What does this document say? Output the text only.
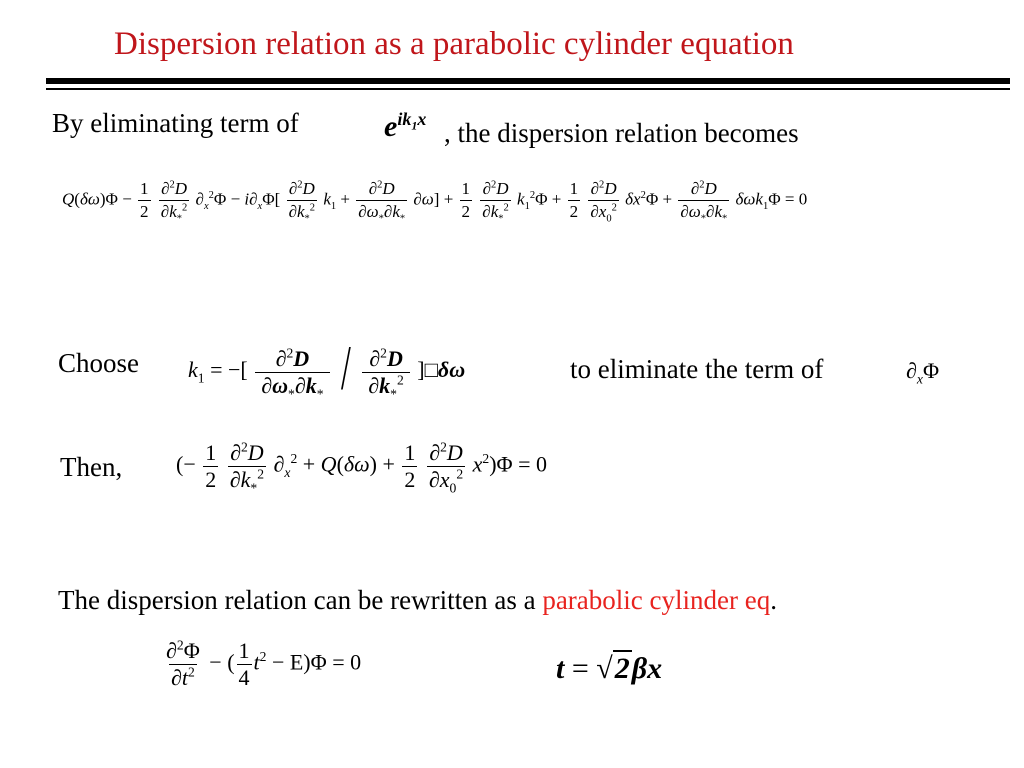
Dispersion relation as a parabolic cylinder equation
By eliminating term of	$e^{ik_1x}$ , the dispersion relation becomes
$Q(\delta\omega)\Phi - \frac{1}{2}$
$\frac{\partial^2D}{\partial k_*^2} \partial_x^2\Phi - i\partial_x\Phi[ \frac{\partial^2D}{\partial k_*^2} k_1 + \frac{\partial^2D}{\partial\omega_*\partial k_*} \partial\omega] + \frac{1}{2}$
$\frac{\partial^2D}{\partial k_*^2} k_1^2\Phi + \frac{1}{2}$
$\frac{\partial^2D}{\partial x_0^2} \delta x^2\Phi + \frac{\partial^2D}{\partial\omega_*\partial k_*} \delta\omega k_1\Phi = 0$
Choose $k_1$ = −[ $\frac{\partial^2D}{\partial\omega_*\partial k_*} / \frac{\partial^2D}{\partial k_*^2}$ ]□δω	to eliminate the term of	$\partial_x\Phi$
Then, (− $\frac{1}{2}$
$\frac{\partial^2D}{\partial k_*^2} \partial_x^2 + Q(\delta\omega) + \frac{1}{2}$
$\frac{\partial^2D}{\partial x_0^2} x^2)\Phi = 0$
The dispersion relation can be rewritten as a parabolic cylinder eq.
$\frac{\partial^2\Phi}{\partial t^2}$ − ( $\frac{1}{4} t^2 - E)\Phi = 0$	t = √2βx
